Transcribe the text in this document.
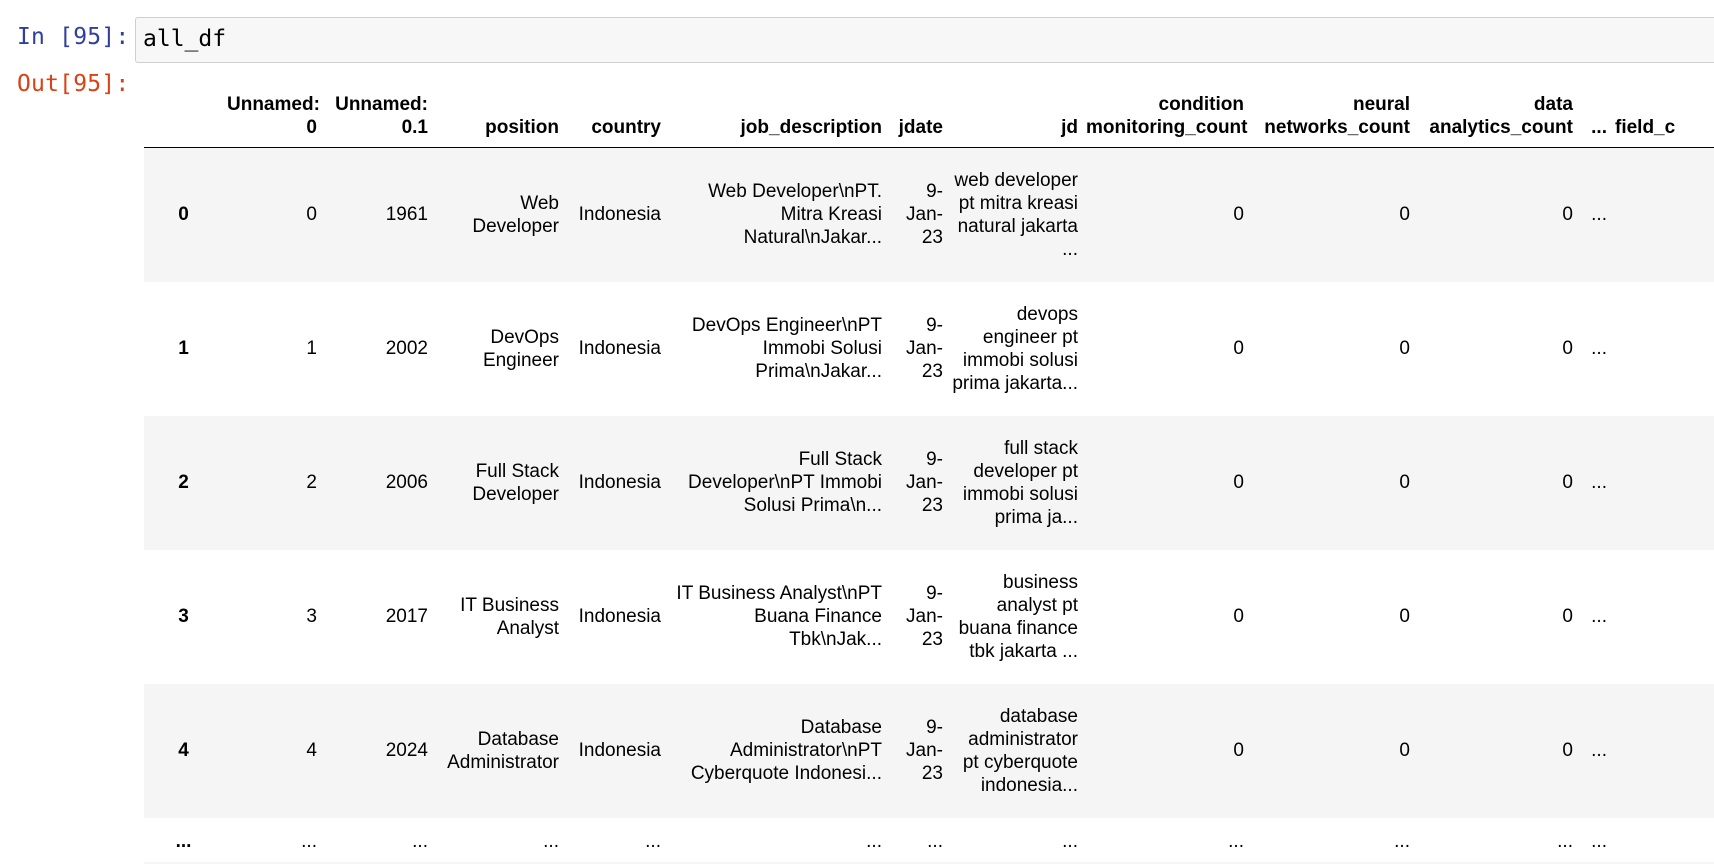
In [95]: all_df
Out[95]:
	Unnamed: 0	Unnamed: 0.1	position	country	job_description	jdate	jd	condition monitoring_count	neural networks_count	data analytics_count	...	field_c
0	0	1961	Web Developer	Indonesia	Web Developer\nPT. Mitra Kreasi Natural\nJakar...	9-Jan-23	web developer pt mitra kreasi natural jakarta ...	0	0	0	...	
1	1	2002	DevOps Engineer	Indonesia	DevOps Engineer\nPT Immobi Solusi Prima\nJakar...	9-Jan-23	devops engineer pt immobi solusi prima jakarta...	0	0	0	...	
2	2	2006	Full Stack Developer	Indonesia	Full Stack Developer\nPT Immobi Solusi Prima\n...	9-Jan-23	full stack developer pt immobi solusi prima ja...	0	0	0	...	
3	3	2017	IT Business Analyst	Indonesia	IT Business Analyst\nPT Buana Finance Tbk\nJak...	9-Jan-23	business analyst pt buana finance tbk jakarta ...	0	0	0	...	
4	4	2024	Database Administrator	Indonesia	Database Administrator\nPT Cyberquote Indonesi...	9-Jan-23	database administrator pt cyberquote indonesia...	0	0	0	...	
...	...	...	...	...	...	...	...	...	...	...	...	
